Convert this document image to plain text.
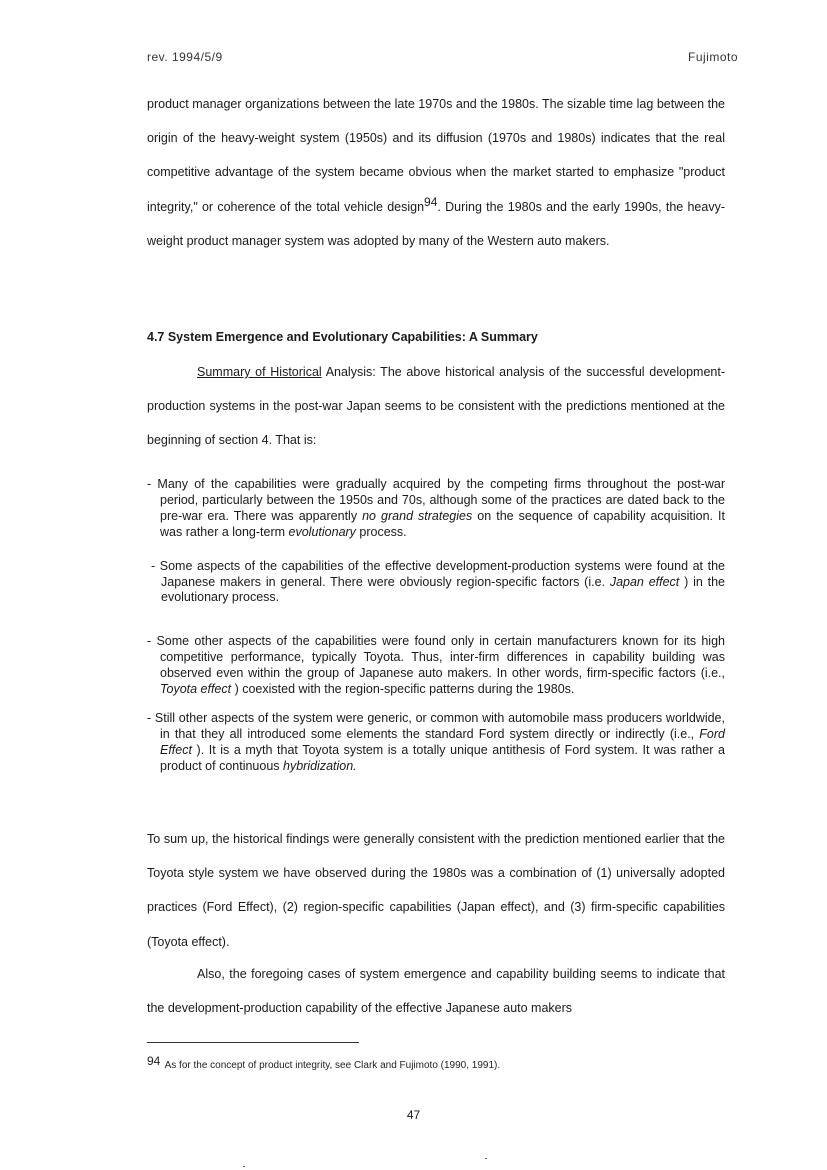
rev. 1994/5/9	Fujimoto

product manager organizations between the late 1970s and the 1980s. The sizable time lag between the origin of the heavy-weight system (1950s) and its diffusion (1970s and 1980s) indicates that the real competitive advantage of the system became obvious when the market started to emphasize "product integrity," or coherence of the total vehicle design$^{94}$. During the 1980s and the early 1990s, the heavy-weight product manager system was adopted by many of the Western auto makers.

4.7 System Emergence and Evolutionary Capabilities: A Summary

Summary of Historical Analysis: The above historical analysis of the successful development-production systems in the post-war Japan seems to be consistent with the predictions mentioned at the beginning of section 4. That is:

- Many of the capabilities were gradually acquired by the competing firms throughout the post-war period, particularly between the 1950s and 70s, although some of the practices are dated back to the pre-war era. There was apparently no grand strategies on the sequence of capability acquisition. It was rather a long-term evolutionary process.

- Some aspects of the capabilities of the effective development-production systems were found at the Japanese makers in general. There were obviously region-specific factors (i.e. Japan effect ) in the evolutionary process.

- Some other aspects of the capabilities were found only in certain manufacturers known for its high competitive performance, typically Toyota. Thus, inter-firm differences in capability building was observed even within the group of Japanese auto makers. In other words, firm-specific factors (i.e., Toyota effect ) coexisted with the region-specific patterns during the 1980s.

- Still other aspects of the system were generic, or common with automobile mass producers worldwide, in that they all introduced some elements the standard Ford system directly or indirectly (i.e., Ford Effect ). It is a myth that Toyota system is a totally unique antithesis of Ford system. It was rather a product of continuous hybridization.

To sum up, the historical findings were generally consistent with the prediction mentioned earlier that the Toyota style system we have observed during the 1980s was a combination of (1) universally adopted practices (Ford Effect), (2) region-specific capabilities (Japan effect), and (3) firm-specific capabilities (Toyota effect).

Also, the foregoing cases of system emergence and capability building seems to indicate that the development-production capability of the effective Japanese auto makers

94 As for the concept of product integrity, see Clark and Fujimoto (1990, 1991).
47
